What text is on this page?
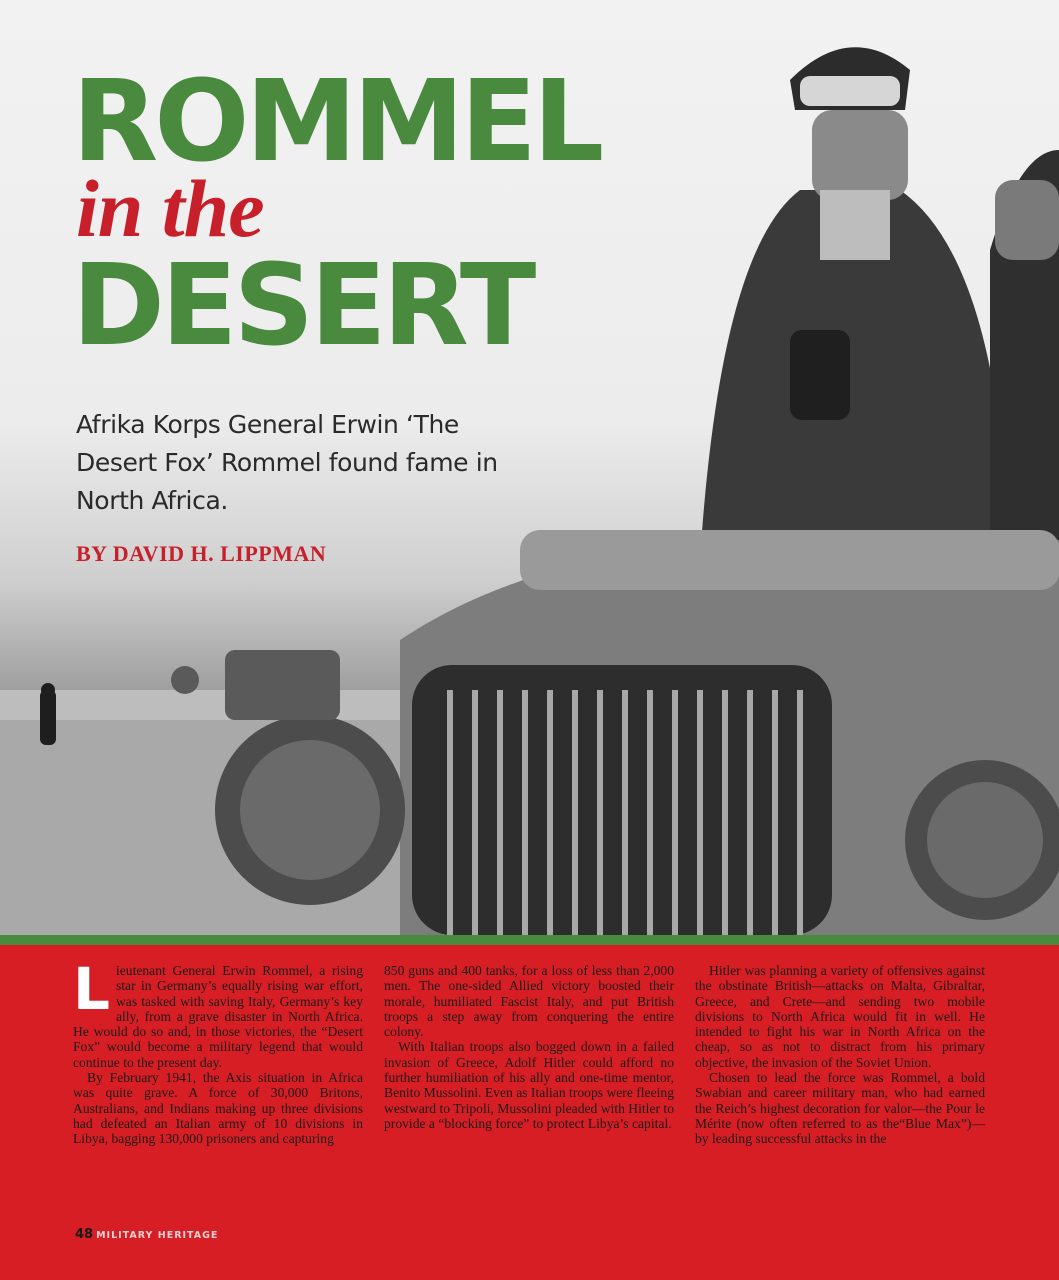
ROMMEL
in the
DESERT

Afrika Korps General Erwin ‘The Desert Fox’ Rommel found fame in North Africa.

BY DAVID H. LIPPMAN

Lieutenant General Erwin Rommel, a rising star in Germany’s equally rising war effort, was tasked with saving Italy, Germany’s key ally, from a grave disaster in North Africa. He would do so and, in those victories, the “Desert Fox” would become a military legend that would continue to the present day.

By February 1941, the Axis situation in Africa was quite grave. A force of 30,000 Britons, Australians, and Indians making up three divisions had defeated an Italian army of 10 divisions in Libya, bagging 130,000 prisoners and capturing

850 guns and 400 tanks, for a loss of less than 2,000 men. The one-sided Allied victory boosted their morale, humiliated Fascist Italy, and put British troops a step away from conquering the entire colony.

With Italian troops also bogged down in a failed invasion of Greece, Adolf Hitler could afford no further humiliation of his ally and one-time mentor, Benito Mussolini. Even as Italian troops were fleeing westward to Tripoli, Mussolini pleaded with Hitler to provide a “blocking force” to protect Libya’s capital.

Hitler was planning a variety of offensives against the obstinate British—attacks on Malta, Gibraltar, Greece, and Crete—and sending two mobile divisions to North Africa would fit in well. He intended to fight his war in North Africa on the cheap, so as not to distract from his primary objective, the invasion of the Soviet Union.

Chosen to lead the force was Rommel, a bold Swabian and career military man, who had earned the Reich’s highest decoration for valor—the Pour le Mérite (now often referred to as the“Blue Max”)—by leading successful attacks in the

48 MILITARY HERITAGE
